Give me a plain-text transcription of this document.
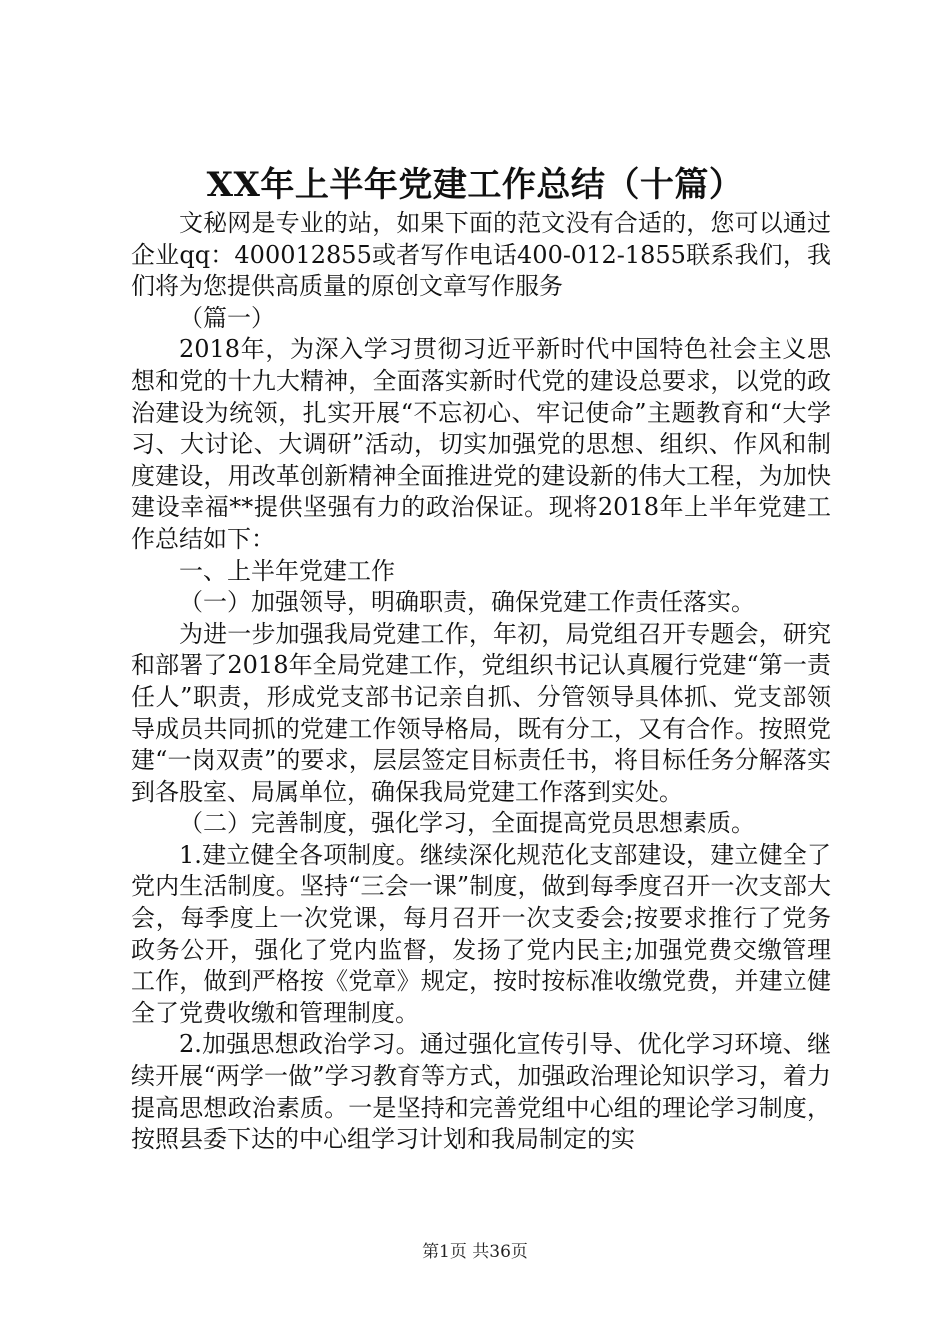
XX年上半年党建工作总结（十篇）

文秘网是专业的站，如果下面的范文没有合适的，您可以通过企业qq：400012855或者写作电话400-012-1855联系我们，我们将为您提供高质量的原创文章写作服务

（篇一）

2018年，为深入学习贯彻习近平新时代中国特色社会主义思想和党的十九大精神，全面落实新时代党的建设总要求，以党的政治建设为统领，扎实开展“不忘初心、牢记使命”主题教育和“大学习、大讨论、大调研”活动，切实加强党的思想、组织、作风和制度建设，用改革创新精神全面推进党的建设新的伟大工程，为加快建设幸福**提供坚强有力的政治保证。现将2018年上半年党建工作总结如下：

一、上半年党建工作

（一）加强领导，明确职责，确保党建工作责任落实。

为进一步加强我局党建工作，年初，局党组召开专题会，研究和部署了2018年全局党建工作，党组织书记认真履行党建“第一责任人”职责，形成党支部书记亲自抓、分管领导具体抓、党支部领导成员共同抓的党建工作领导格局，既有分工，又有合作。按照党建“一岗双责”的要求，层层签定目标责任书，将目标任务分解落实到各股室、局属单位，确保我局党建工作落到实处。

（二）完善制度，强化学习，全面提高党员思想素质。

1.建立健全各项制度。继续深化规范化支部建设，建立健全了党内生活制度。坚持“三会一课”制度，做到每季度召开一次支部大会，每季度上一次党课，每月召开一次支委会;按要求推行了党务政务公开，强化了党内监督，发扬了党内民主;加强党费交缴管理工作，做到严格按《党章》规定，按时按标准收缴党费，并建立健全了党费收缴和管理制度。

2.加强思想政治学习。通过强化宣传引导、优化学习环境、继续开展“两学一做”学习教育等方式，加强政治理论知识学习，着力提高思想政治素质。一是坚持和完善党组中心组的理论学习制度，按照县委下达的中心组学习计划和我局制定的实

第1页 共36页
